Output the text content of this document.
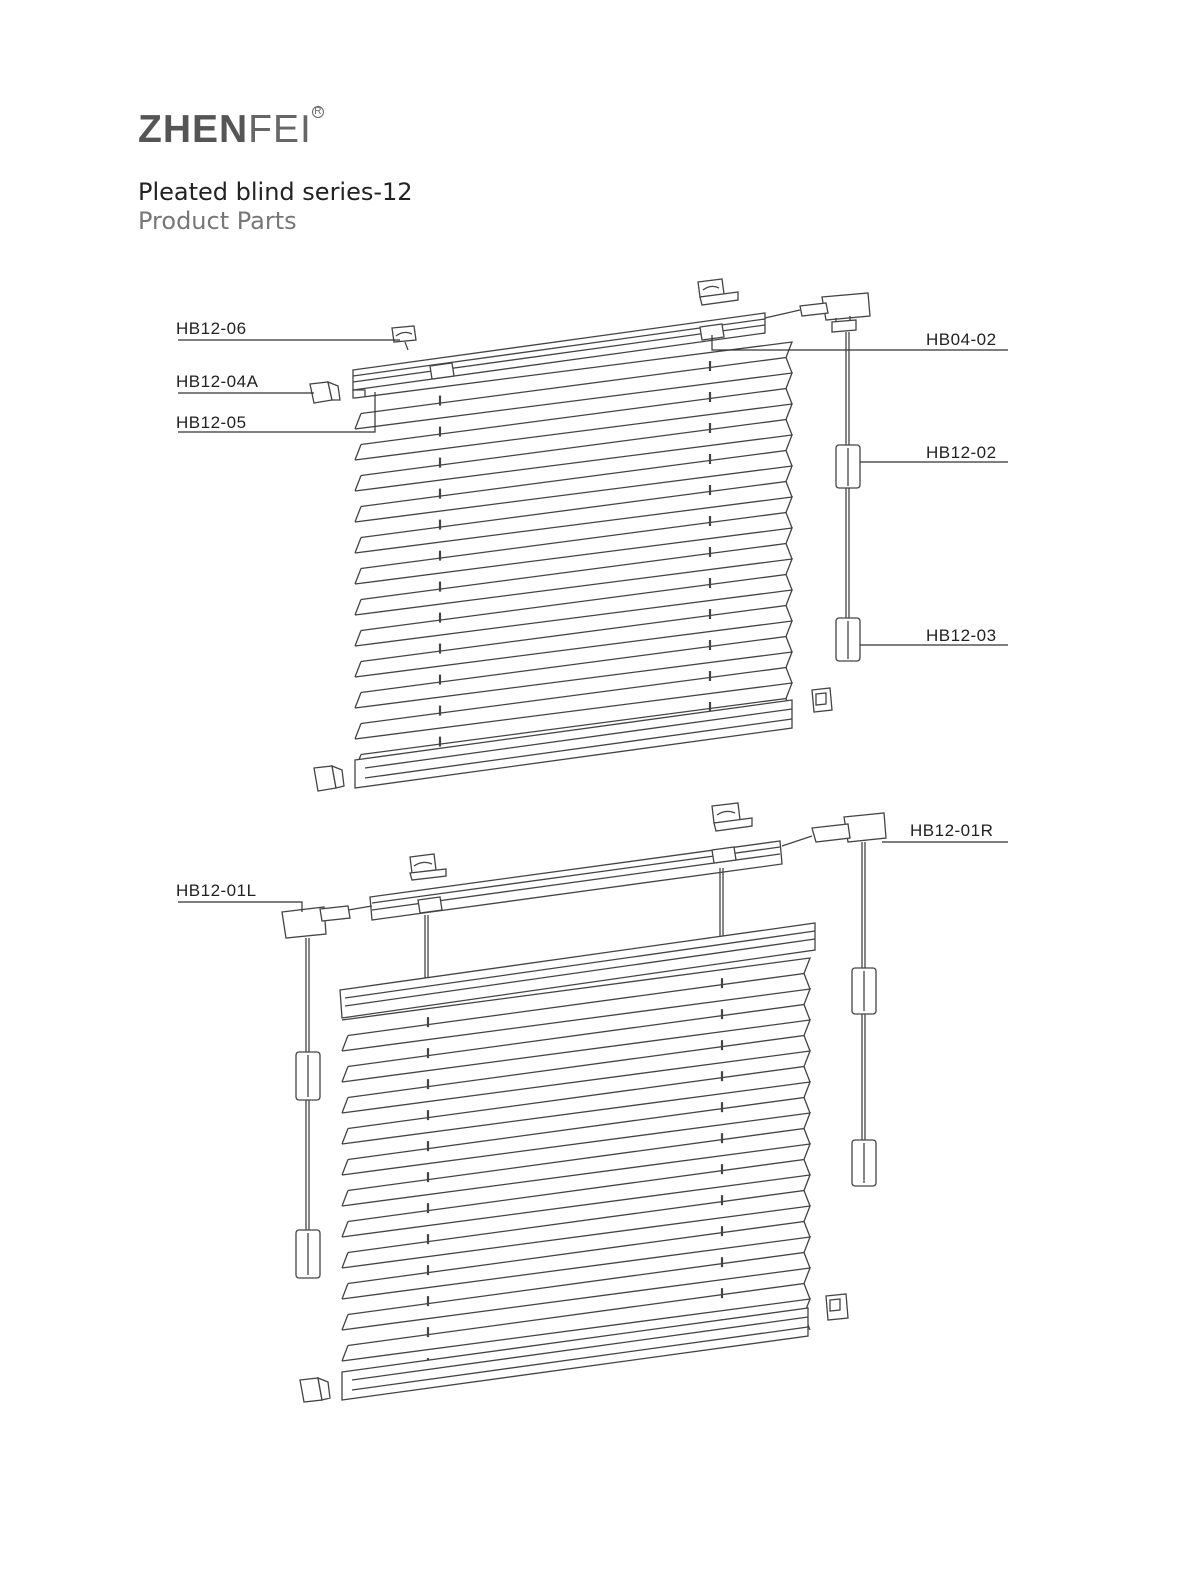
ZHENFEI R
Pleated blind series-12
Product Parts
HB12-06
HB12-04A
HB12-05
HB04-02
HB12-02
HB12-03
HB12-01R
HB12-01L
